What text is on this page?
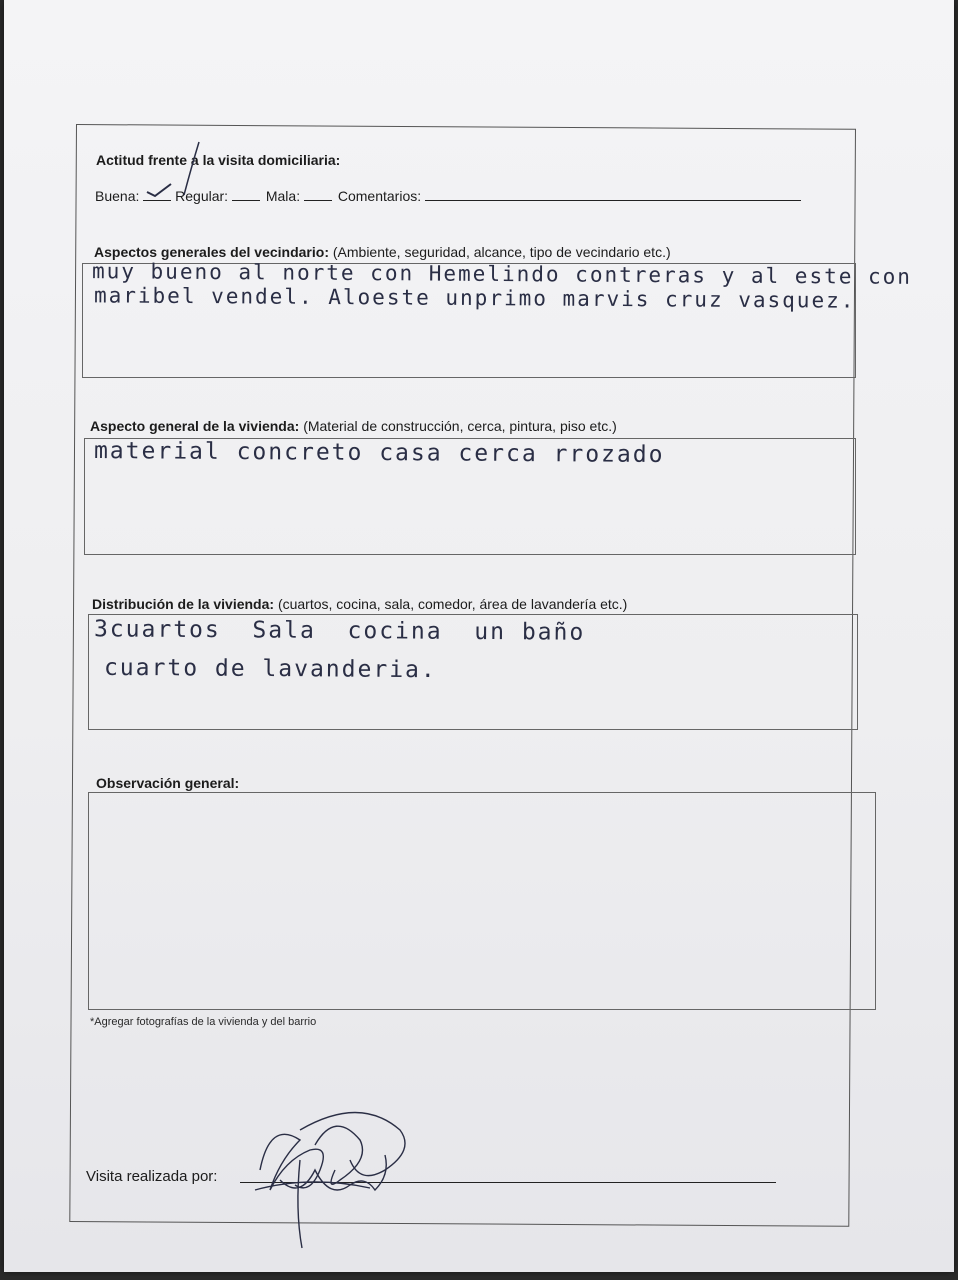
Actitud frente a la visita domiciliaria:
Buena:	Regular:	Mala:	Comentarios:
Aspectos generales del vecindario: (Ambiente, seguridad, alcance, tipo de vecindario etc.)
muy bueno al norte con Hemelindo contreras y al este con
maribel vendel. Aloeste unprimo marvis cruz vasquez.
Aspecto general de la vivienda: (Material de construcción, cerca, pintura, piso etc.)
material concreto casa cerca rrozado
Distribución de la vivienda: (cuartos, cocina, sala, comedor, área de lavandería etc.)
3cuartos  Sala  cocina  un baño
cuarto de lavanderia.
Observación general:
*Agregar fotografías de la vivienda y del barrio
Visita realizada por:
